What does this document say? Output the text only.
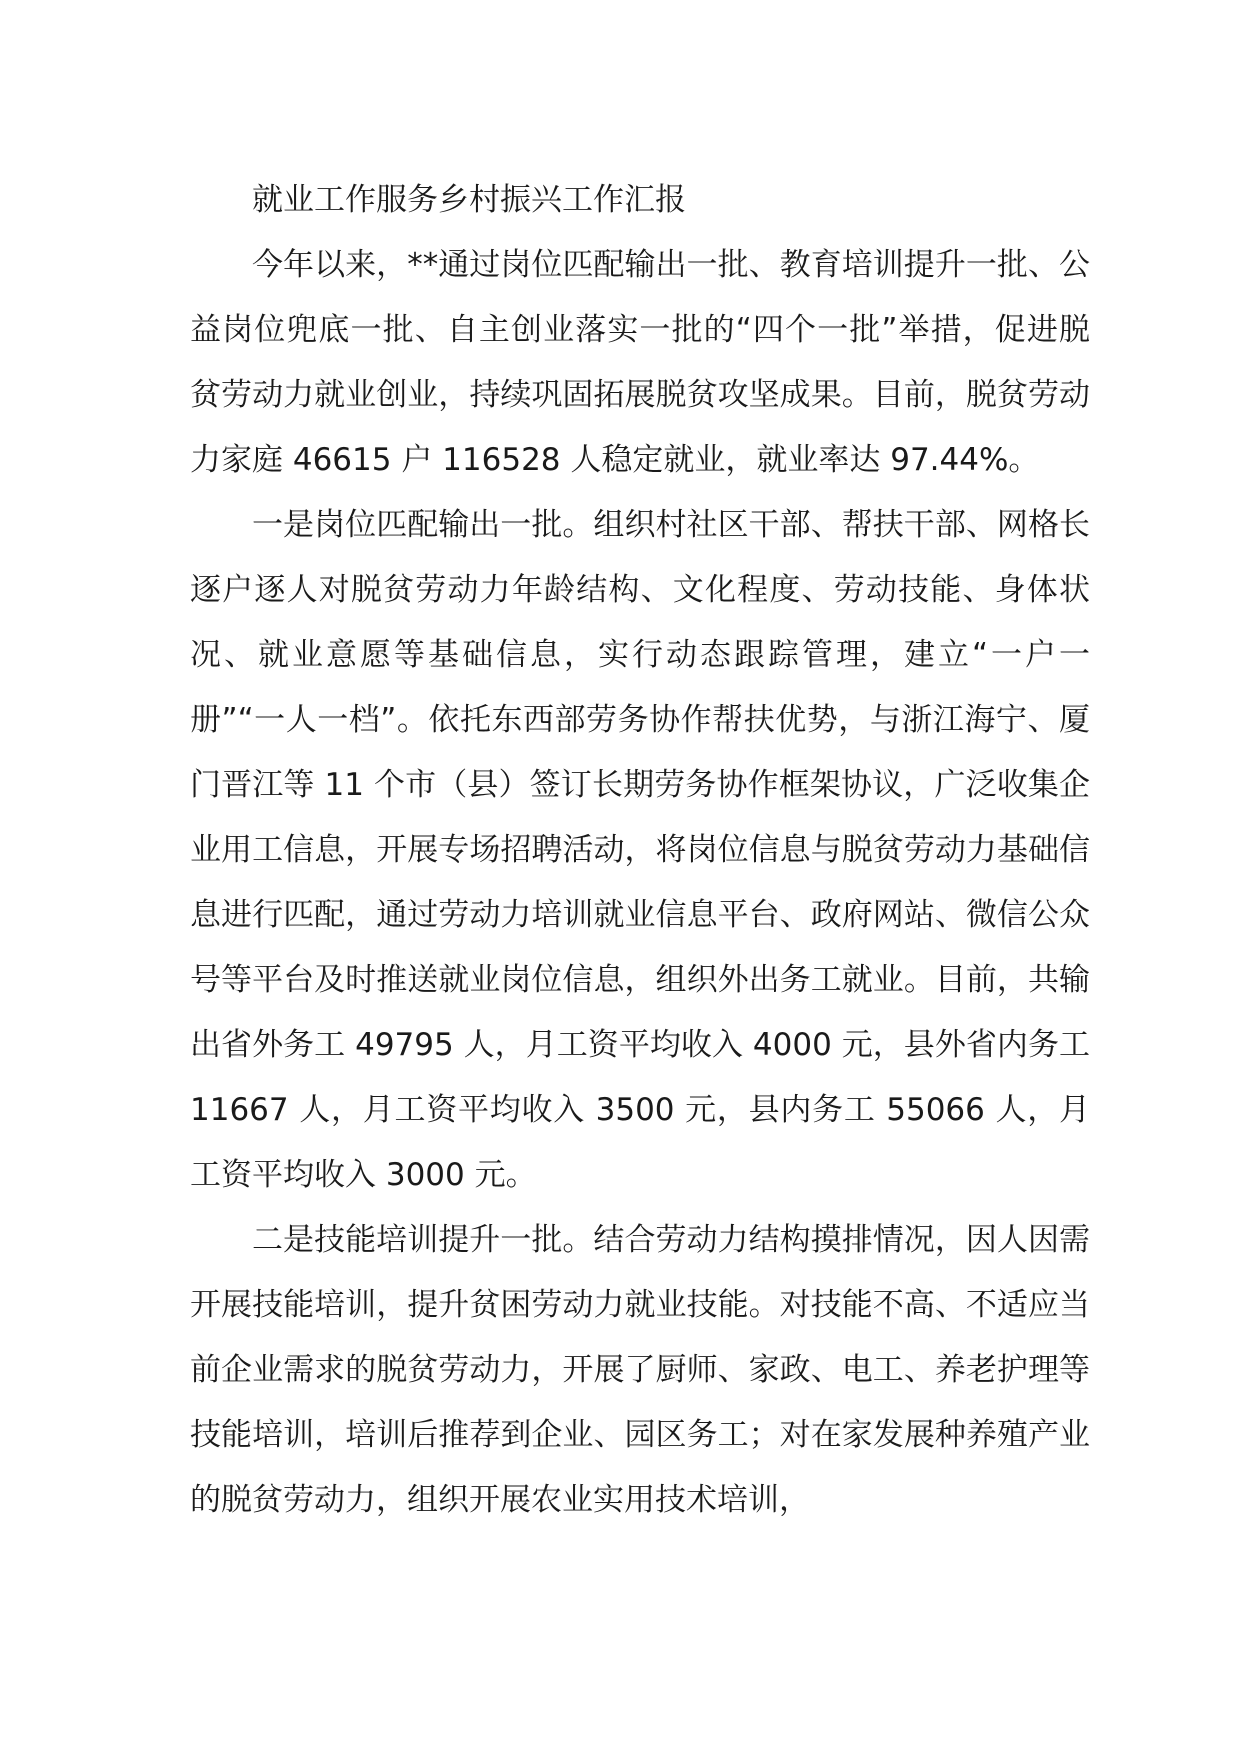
就业工作服务乡村振兴工作汇报

今年以来，**通过岗位匹配输出一批、教育培训提升一批、公益岗位兜底一批、自主创业落实一批的“四个一批”举措，促进脱贫劳动力就业创业，持续巩固拓展脱贫攻坚成果。目前，脱贫劳动力家庭 46615 户 116528 人稳定就业，就业率达 97.44%。

一是岗位匹配输出一批。组织村社区干部、帮扶干部、网格长逐户逐人对脱贫劳动力年龄结构、文化程度、劳动技能、身体状况、就业意愿等基础信息，实行动态跟踪管理，建立“一户一册”“一人一档”。依托东西部劳务协作帮扶优势，与浙江海宁、厦门晋江等 11 个市（县）签订长期劳务协作框架协议，广泛收集企业用工信息，开展专场招聘活动，将岗位信息与脱贫劳动力基础信息进行匹配，通过劳动力培训就业信息平台、政府网站、微信公众号等平台及时推送就业岗位信息，组织外出务工就业。目前，共输出省外务工 49795 人，月工资平均收入 4000 元，县外省内务工 11667 人，月工资平均收入 3500 元，县内务工 55066 人，月工资平均收入 3000 元。

二是技能培训提升一批。结合劳动力结构摸排情况，因人因需开展技能培训，提升贫困劳动力就业技能。对技能不高、不适应当前企业需求的脱贫劳动力，开展了厨师、家政、电工、养老护理等技能培训，培训后推荐到企业、园区务工；对在家发展种养殖产业的脱贫劳动力，组织开展农业实用技术培训，
